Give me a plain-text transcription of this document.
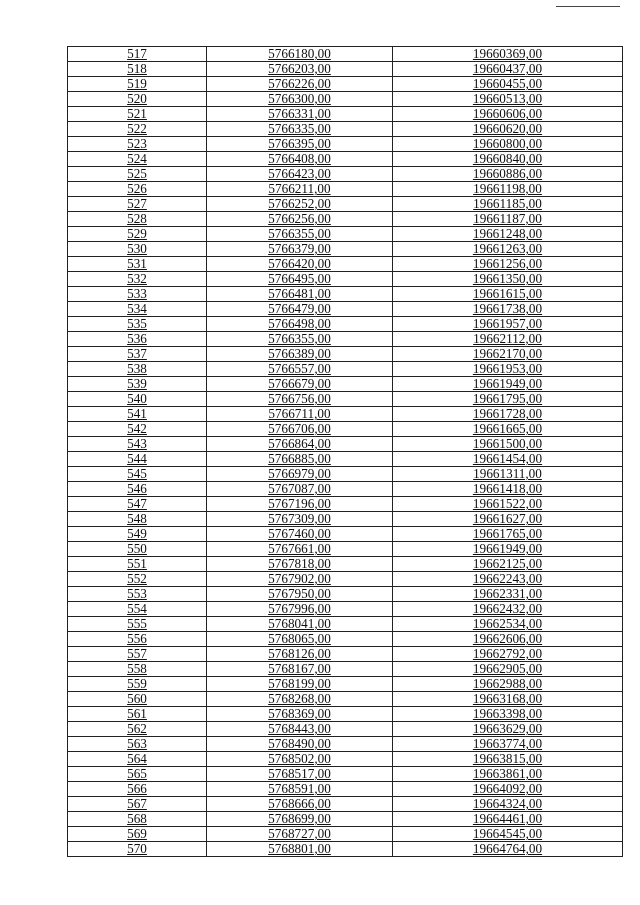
517	5766180,00	19660369,00
518	5766203,00	19660437,00
519	5766226,00	19660455,00
520	5766300,00	19660513,00
521	5766331,00	19660606,00
522	5766335,00	19660620,00
523	5766395,00	19660800,00
524	5766408,00	19660840,00
525	5766423,00	19660886,00
526	5766211,00	19661198,00
527	5766252,00	19661185,00
528	5766256,00	19661187,00
529	5766355,00	19661248,00
530	5766379,00	19661263,00
531	5766420,00	19661256,00
532	5766495,00	19661350,00
533	5766481,00	19661615,00
534	5766479,00	19661738,00
535	5766498,00	19661957,00
536	5766355,00	19662112,00
537	5766389,00	19662170,00
538	5766557,00	19661953,00
539	5766679,00	19661949,00
540	5766756,00	19661795,00
541	5766711,00	19661728,00
542	5766706,00	19661665,00
543	5766864,00	19661500,00
544	5766885,00	19661454,00
545	5766979,00	19661311,00
546	5767087,00	19661418,00
547	5767196,00	19661522,00
548	5767309,00	19661627,00
549	5767460,00	19661765,00
550	5767661,00	19661949,00
551	5767818,00	19662125,00
552	5767902,00	19662243,00
553	5767950,00	19662331,00
554	5767996,00	19662432,00
555	5768041,00	19662534,00
556	5768065,00	19662606,00
557	5768126,00	19662792,00
558	5768167,00	19662905,00
559	5768199,00	19662988,00
560	5768268,00	19663168,00
561	5768369,00	19663398,00
562	5768443,00	19663629,00
563	5768490,00	19663774,00
564	5768502,00	19663815,00
565	5768517,00	19663861,00
566	5768591,00	19664092,00
567	5768666,00	19664324,00
568	5768699,00	19664461,00
569	5768727,00	19664545,00
570	5768801,00	19664764,00
